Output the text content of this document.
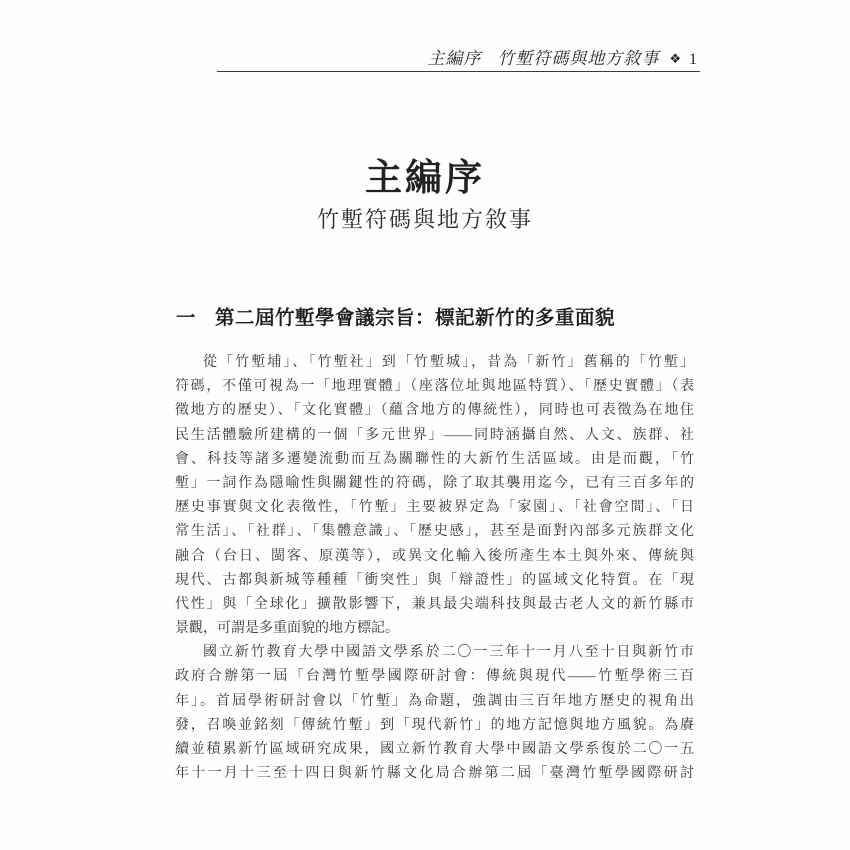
主編序 竹塹符碼與地方敘事 ❖ 1
主編序
竹塹符碼與地方敘事
一 第二屆竹塹學會議宗旨：標記新竹的多重面貌
從「竹塹埔」、「竹塹社」到「竹塹城」，昔為「新竹」舊稱的「竹塹」
符碼，不僅可視為一「地理實體」（座落位址與地區特質）、「歷史實體」（表
徵地方的歷史）、「文化實體」（蘊含地方的傳統性），同時也可表徵為在地住
民生活體驗所建構的一個「多元世界」——同時涵攝自然、人文、族群、社
會、科技等諸多遷變流動而互為關聯性的大新竹生活區域。由是而觀，「竹
塹」一詞作為隱喻性與關鍵性的符碼，除了取其襲用迄今，已有三百多年的
歷史事實與文化表徵性，「竹塹」主要被界定為「家園」、「社會空間」、「日
常生活」、「社群」、「集體意識」、「歷史感」，甚至是面對內部多元族群文化
融合（台日、閩客、原漢等），或異文化輸入後所產生本土與外來、傳統與
現代、古都與新城等種種「衝突性」與「辯證性」的區域文化特質。在「現
代性」與「全球化」擴散影響下，兼具最尖端科技與最古老人文的新竹縣市
景觀，可謂是多重面貌的地方標記。
國立新竹教育大學中國語文學系於二〇一三年十一月八至十日與新竹市
政府合辦第一屆「台灣竹塹學國際研討會：傳統與現代——竹塹學術三百
年」。首屆學術研討會以「竹塹」為命題，強調由三百年地方歷史的視角出
發，召喚並銘刻「傳統竹塹」到「現代新竹」的地方記憶與地方風貌。為賡
續並積累新竹區域研究成果，國立新竹教育大學中國語文學系復於二〇一五
年十一月十三至十四日與新竹縣文化局合辦第二屆「臺灣竹塹學國際研討
